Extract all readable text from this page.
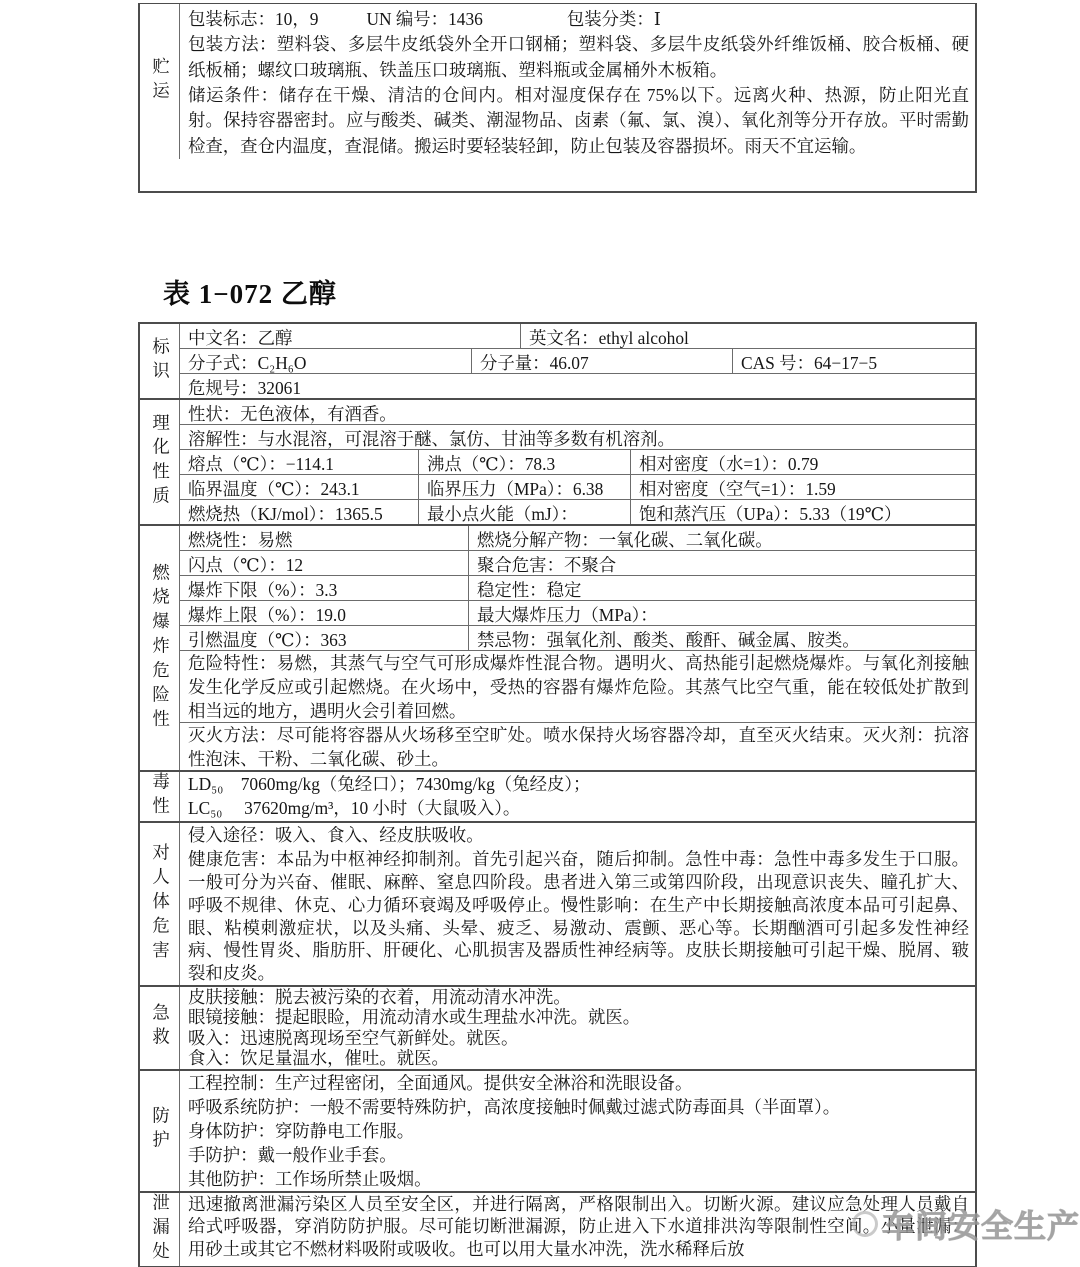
贮运
包装标志：10，9	UN 编号：1436	包装分类：Ⅰ
包装方法：塑料袋、多层牛皮纸袋外全开口钢桶；塑料袋、多层牛皮纸袋外纤维饭桶、胶合板桶、硬纸板桶；螺纹口玻璃瓶、铁盖压口玻璃瓶、塑料瓶或金属桶外木板箱。
储运条件：储存在干燥、清洁的仓间内。相对湿度保存在 75%以下。远离火种、热源，防止阳光直射。保持容器密封。应与酸类、碱类、潮湿物品、卤素（氟、氯、溴）、氧化剂等分开存放。平时需勤检查，查仓内温度，查混储。搬运时要轻装轻卸，防止包装及容器损坏。雨天不宜运输。
表 1−072 乙醇
标识	中文名：乙醇	英文名：ethyl alcohol
分子式：C₂H₆O	分子量：46.07	CAS 号：64−17−5
危规号：32061
理化性质	性状：无色液体，有酒香。
溶解性：与水混溶，可混溶于醚、氯仿、甘油等多数有机溶剂。
熔点（℃）：−114.1	沸点（℃）：78.3	相对密度（水=1）：0.79
临界温度（℃）：243.1	临界压力（MPa）：6.38	相对密度（空气=1）：1.59
燃烧热（KJ/mol）：1365.5	最小点火能（mJ）：	饱和蒸汽压（UPa）：5.33（19℃）
燃烧爆炸危险性
燃烧性：易燃	燃烧分解产物：一氧化碳、二氧化碳。
闪点（℃）：12	聚合危害：不聚合
爆炸下限（%）：3.3	稳定性：稳定
爆炸上限（%）：19.0	最大爆炸压力（MPa）：
引燃温度（℃）：363	禁忌物：强氧化剂、酸类、酸酐、碱金属、胺类。
危险特性：易燃，其蒸气与空气可形成爆炸性混合物。遇明火、高热能引起燃烧爆炸。与氧化剂接触发生化学反应或引起燃烧。在火场中，受热的容器有爆炸危险。其蒸气比空气重，能在较低处扩散到相当远的地方，遇明火会引着回燃。
灭火方法：尽可能将容器从火场移至空旷处。喷水保持火场容器冷却，直至灭火结束。灭火剂：抗溶性泡沫、干粉、二氧化碳、砂土。
毒性 LD₅₀　7060mg/kg（兔经口）；7430mg/kg（兔经皮）；
LC₅₀　 37620mg/m³，10 小时（大鼠吸入）。
对人体危害
侵入途径：吸入、食入、经皮肤吸收。
健康危害：本品为中枢神经抑制剂。首先引起兴奋，随后抑制。急性中毒：急性中毒多发生于口服。一般可分为兴奋、催眠、麻醉、窒息四阶段。患者进入第三或第四阶段，出现意识丧失、瞳孔扩大、呼吸不规律、休克、心力循环衰竭及呼吸停止。慢性影响：在生产中长期接触高浓度本品可引起鼻、眼、粘模刺激症状，以及头痛、头晕、疲乏、易激动、震颤、恶心等。长期酗酒可引起多发性神经病、慢性胃炎、脂肪肝、肝硬化、心肌损害及器质性神经病等。皮肤长期接触可引起干燥、脱屑、皲裂和皮炎。
急救
皮肤接触：脱去被污染的衣着，用流动清水冲洗。
眼镜接触：提起眼睑，用流动清水或生理盐水冲洗。就医。
吸入：迅速脱离现场至空气新鲜处。就医。
食入：饮足量温水，催吐。就医。
防护
工程控制：生产过程密闭，全面通风。提供安全淋浴和洗眼设备。
呼吸系统防护：一般不需要特殊防护，高浓度接触时佩戴过滤式防毒面具（半面罩）。
身体防护：穿防静电工作服。
手防护：戴一般作业手套。
其他防护：工作场所禁止吸烟。
泄漏处	迅速撤离泄漏污染区人员至安全区，并进行隔离，严格限制出入。切断火源。建议应急处理人员戴自给式呼吸器，穿消防防护服。尽可能切断泄漏源，防止进入下水道排洪沟等限制性空间。小量泄漏：用砂土或其它不燃材料吸附或吸收。也可以用大量水冲洗，洗水稀释后放
车间安全生产
